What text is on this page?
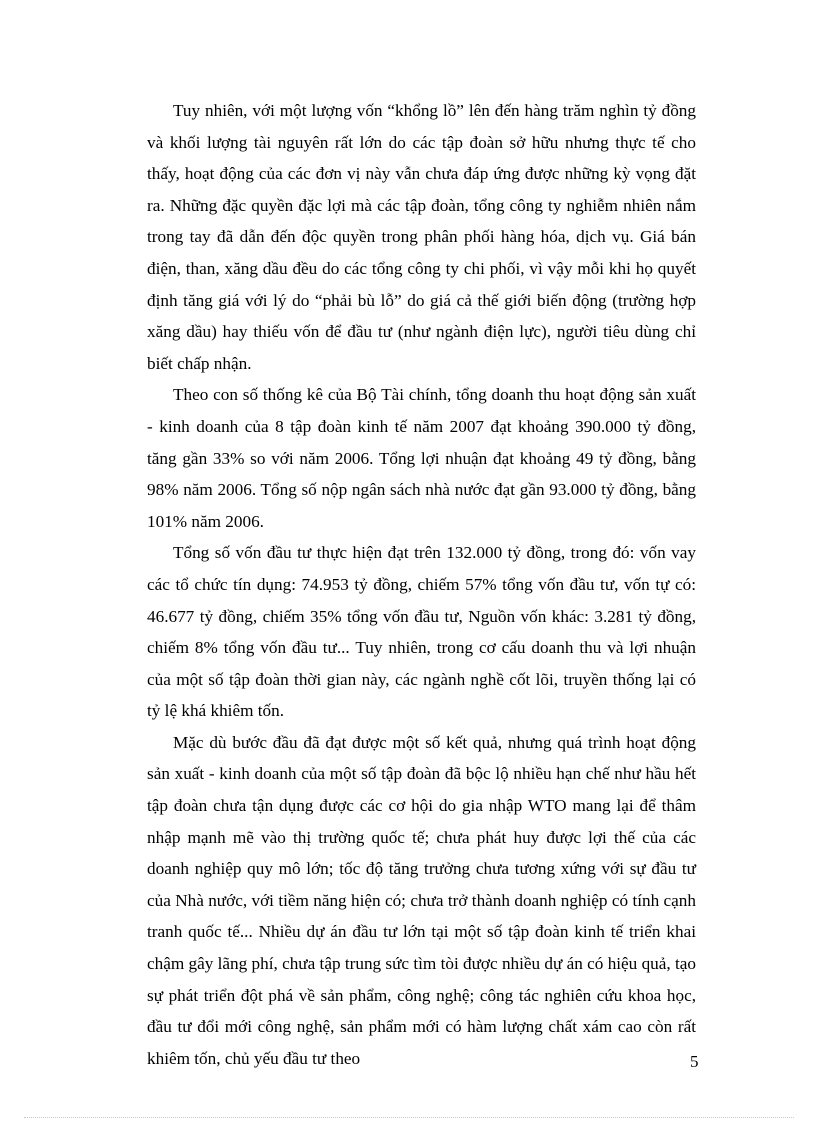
Tuy nhiên, với một lượng vốn “khổng lồ” lên đến hàng trăm nghìn tỷ đồng và khối lượng tài nguyên rất lớn do các tập đoàn sở hữu nhưng thực tế cho thấy, hoạt động của các đơn vị này vẫn chưa đáp ứng được những kỳ vọng đặt ra. Những đặc quyền đặc lợi mà các tập đoàn, tổng công ty nghiễm nhiên nắm trong tay đã dẫn đến độc quyền trong phân phối hàng hóa, dịch vụ. Giá bán điện, than, xăng dầu đều do các tổng công ty chi phối, vì vậy mỗi khi họ quyết định tăng giá với lý do “phải bù lỗ” do giá cả thế giới biến động (trường hợp xăng dầu) hay thiếu vốn để đầu tư (như ngành điện lực), người tiêu dùng chỉ biết chấp nhận.

Theo con số thống kê của Bộ Tài chính, tổng doanh thu hoạt động sản xuất - kinh doanh của 8 tập đoàn kinh tế năm 2007 đạt khoảng 390.000 tỷ đồng, tăng gần 33% so với năm 2006. Tổng lợi nhuận đạt khoảng 49 tỷ đồng, bằng 98% năm 2006. Tổng số nộp ngân sách nhà nước đạt gần 93.000 tỷ đồng, bằng 101% năm 2006.

Tổng số vốn đầu tư thực hiện đạt trên 132.000 tỷ đồng, trong đó: vốn vay các tổ chức tín dụng: 74.953 tỷ đồng, chiếm 57% tổng vốn đầu tư, vốn tự có: 46.677 tỷ đồng, chiếm 35% tổng vốn đầu tư, Nguồn vốn khác: 3.281 tỷ đồng, chiếm 8% tổng vốn đầu tư... Tuy nhiên, trong cơ cấu doanh thu và lợi nhuận của một số tập đoàn thời gian này, các ngành nghề cốt lõi, truyền thống lại có tỷ lệ khá khiêm tốn.

Mặc dù bước đầu đã đạt được một số kết quả, nhưng quá trình hoạt động sản xuất - kinh doanh của một số tập đoàn đã bộc lộ nhiều hạn chế như hầu hết tập đoàn chưa tận dụng được các cơ hội do gia nhập WTO mang lại để thâm nhập mạnh mẽ vào thị trường quốc tế; chưa phát huy được lợi thế của các doanh nghiệp quy mô lớn; tốc độ tăng trưởng chưa tương xứng với sự đầu tư của Nhà nước, với tiềm năng hiện có; chưa trở thành doanh nghiệp có tính cạnh tranh quốc tế... Nhiều dự án đầu tư lớn tại một số tập đoàn kinh tế triển khai chậm gây lãng phí, chưa tập trung sức tìm tòi được nhiều dự án có hiệu quả, tạo sự phát triển đột phá về sản phẩm, công nghệ; công tác nghiên cứu khoa học, đầu tư đổi mới công nghệ, sản phẩm mới có hàm lượng chất xám cao còn rất khiêm tốn, chủ yếu đầu tư theo	5
